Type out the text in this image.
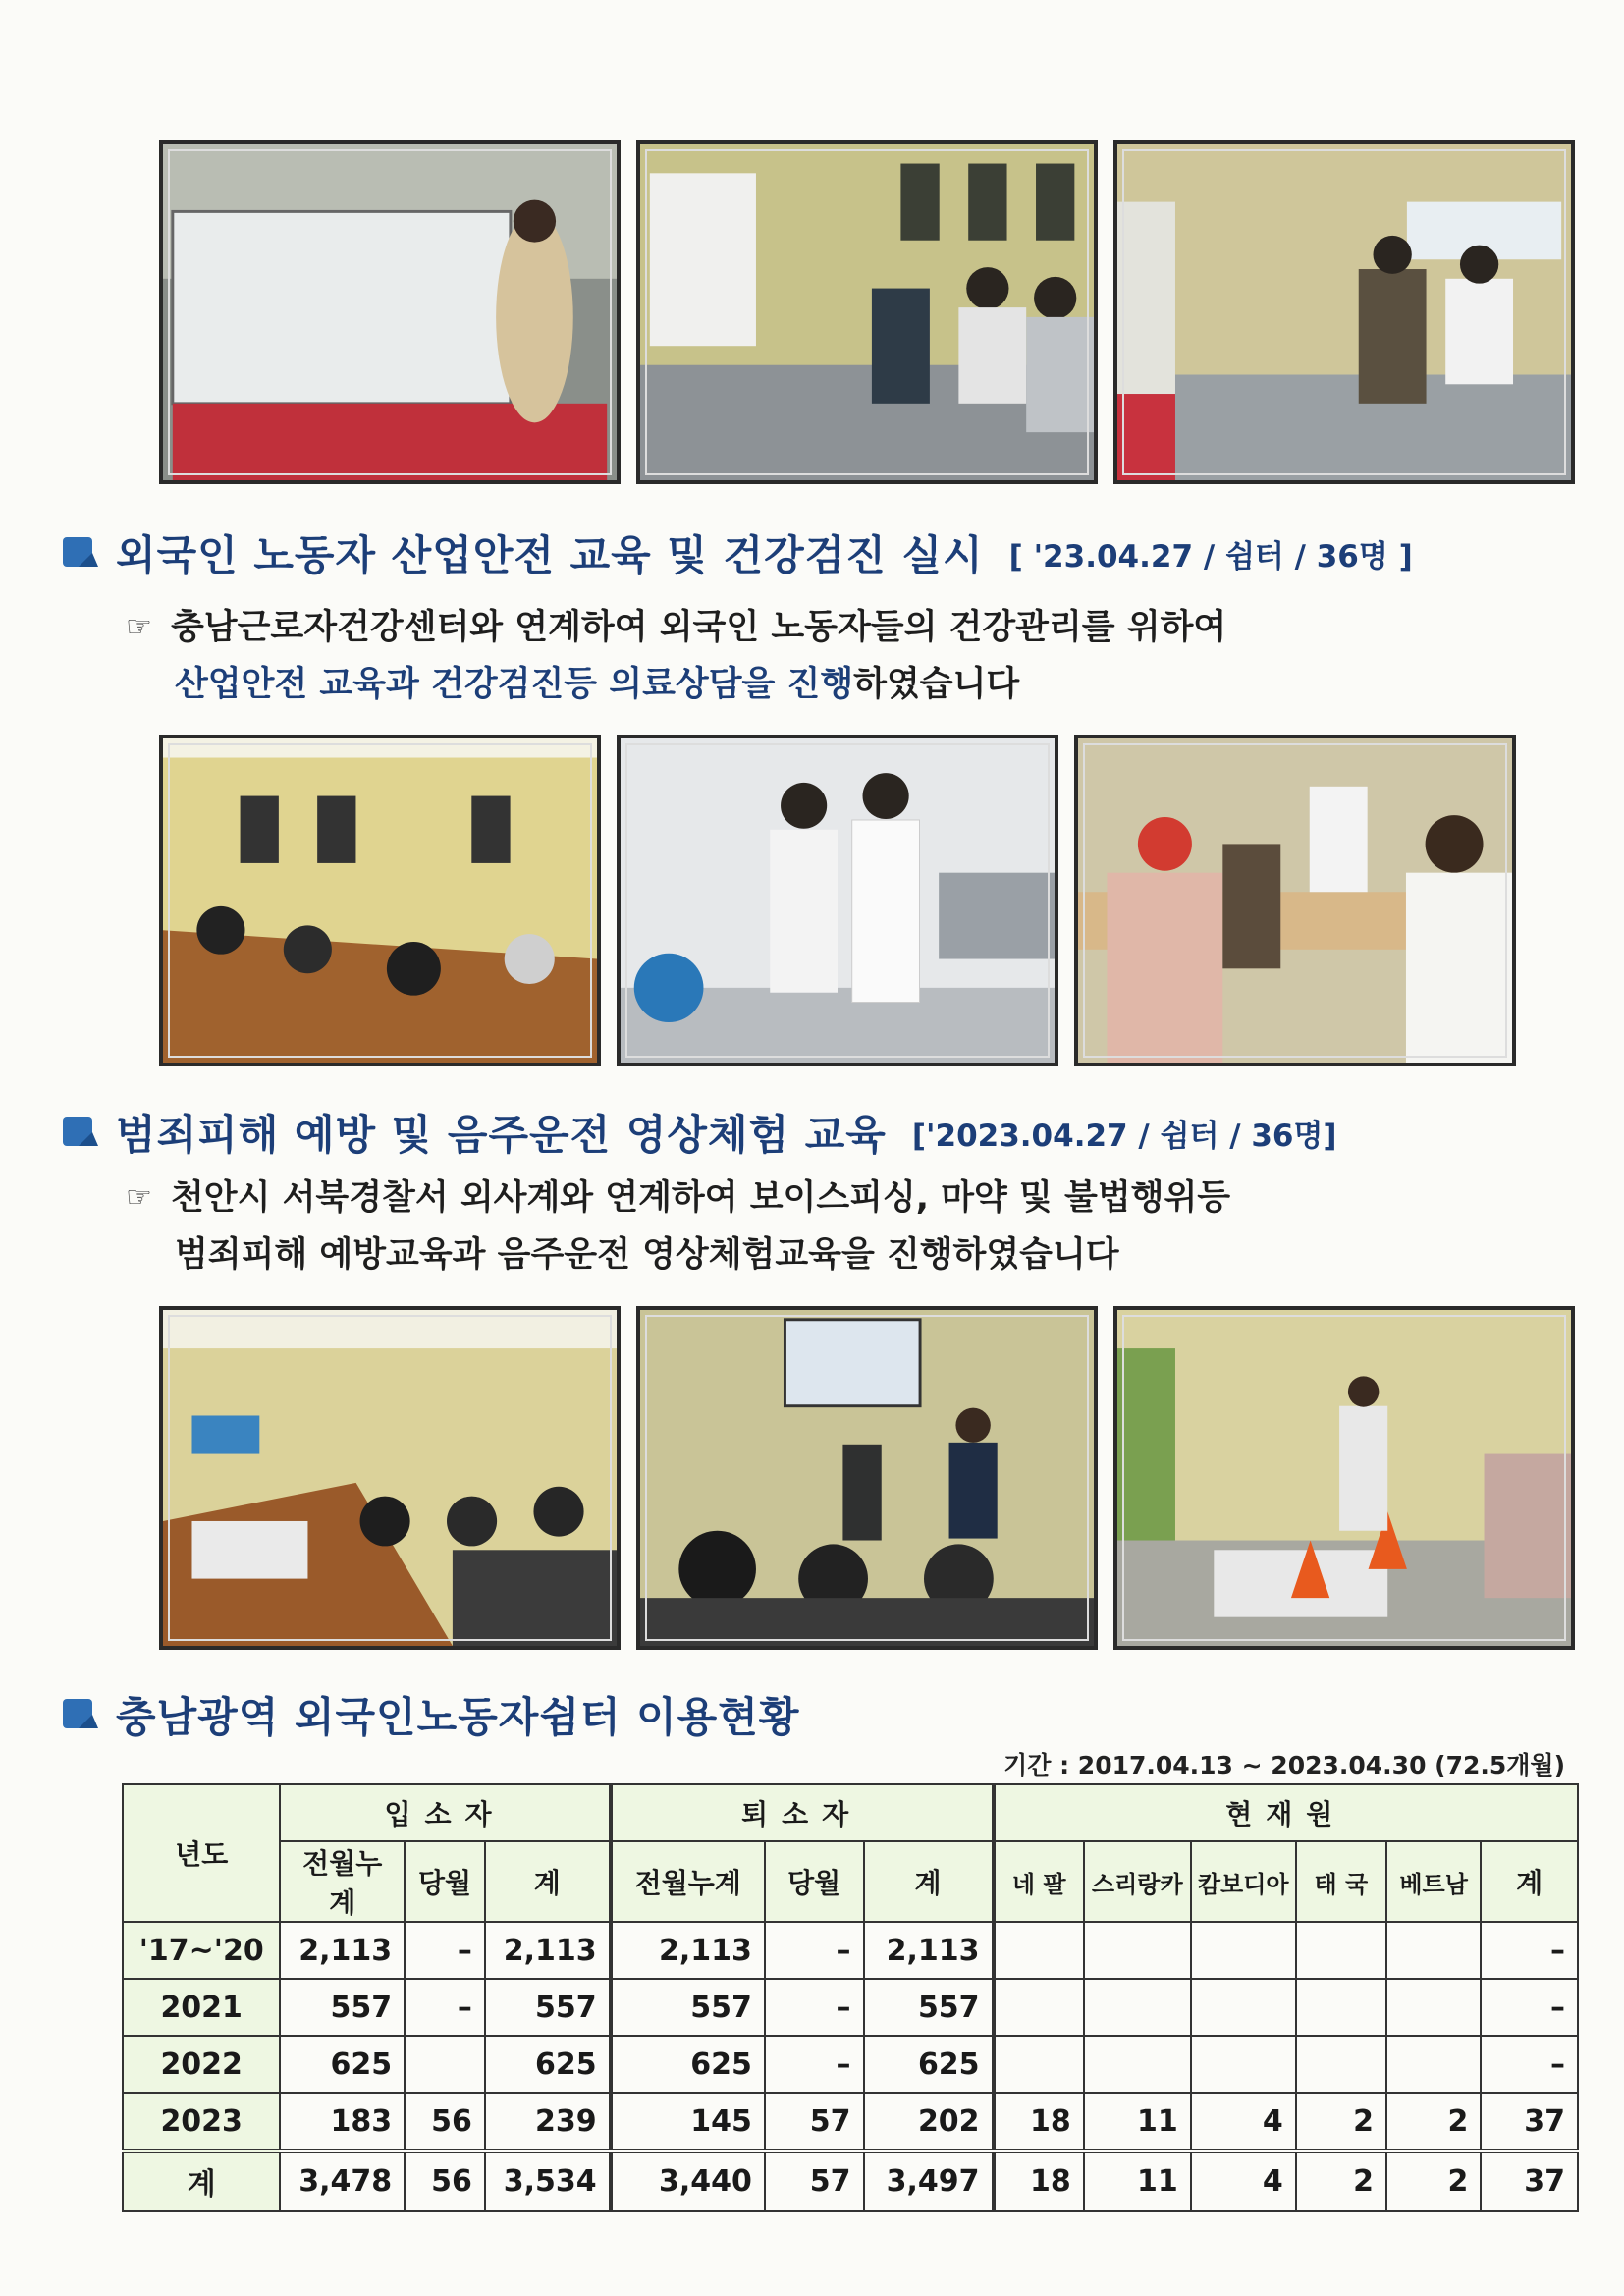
외국인 노동자 산업안전 교육 및 건강검진 실시 [ '23.04.27 / 쉼터 / 36명 ]
☞ 충남근로자건강센터와 연계하여 외국인 노동자들의 건강관리를 위하여
산업안전 교육과 건강검진등 의료상담을 진행 하였습니다
범죄피해 예방 및 음주운전 영상체험 교육 ['2023.04.27 / 쉼터 / 36명]
☞ 천안시 서북경찰서 외사계와 연계하여 보이스피싱, 마약 및 불법행위등
범죄피해 예방교육과 음주운전 영상체험교육을 진행하였습니다
충남광역 외국인노동자쉼터 이용현황
기간 : 2017.04.13 ~ 2023.04.30 (72.5개월)
년도	입소자			퇴소자			현재원					
	전월누계	당월	계	전월누계	당월	계	네 팔	스리랑카	캄보디아	태 국	베트남	계
'17~'20	2,113	–	2,113	2,113	–	2,113						–
2021	557	–	557	557	–	557						–
2022	625		625	625	–	625						–
2023	183	56	239	145	57	202	18	11	4	2	2	37
계	3,478	56	3,534	3,440	57	3,497	18	11	4	2	2	37
